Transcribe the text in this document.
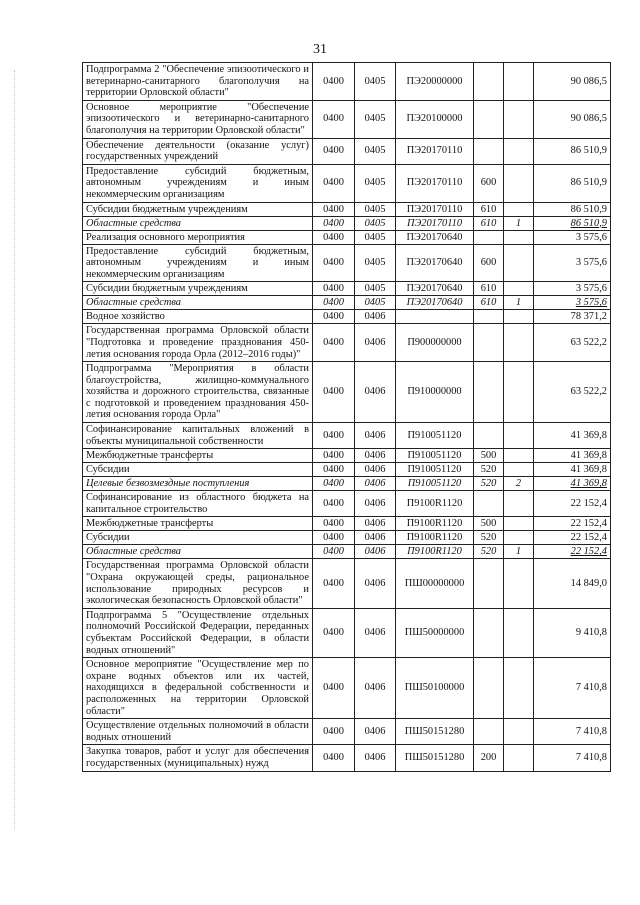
31
Подпрограмма 2 "Обеспечение эпизоотического и ветеринарно-санитарного благополучия на территории Орловской области"	0400	0405	ПЭ20000000			90 086,5
Основное мероприятие "Обеспечение эпизоотического и ветеринарно-санитарного благополучия на территории Орловской области"	0400	0405	ПЭ20100000			90 086,5
Обеспечение деятельности (оказание услуг) государственных учреждений	0400	0405	ПЭ20170110			86 510,9
Предоставление субсидий бюджетным, автономным учреждениям и иным некоммерческим организациям	0400	0405	ПЭ20170110	600		86 510,9
Субсидии бюджетным учреждениям	0400	0405	ПЭ20170110	610		86 510,9
Областные средства	0400	0405	ПЭ20170110	610	1	86 510,9
Реализация основного мероприятия	0400	0405	ПЭ20170640			3 575,6
Предоставление субсидий бюджетным, автономным учреждениям и иным некоммерческим организациям	0400	0405	ПЭ20170640	600		3 575,6
Субсидии бюджетным учреждениям	0400	0405	ПЭ20170640	610		3 575,6
Областные средства	0400	0405	ПЭ20170640	610	1	3 575,6
Водное хозяйство	0400	0406				78 371,2
Государственная программа Орловской области "Подготовка и проведение празднования 450-летия основания города Орла (2012–2016 годы)"	0400	0406	П900000000			63 522,2
Подпрограмма "Мероприятия в области благоустройства, жилищно-коммунального хозяйства и дорожного строительства, связанные с подготовкой и проведением празднования 450-летия основания города Орла"	0400	0406	П910000000			63 522,2
Софинансирование капитальных вложений в объекты муниципальной собственности	0400	0406	П910051120			41 369,8
Межбюджетные трансферты	0400	0406	П910051120	500		41 369,8
Субсидии	0400	0406	П910051120	520		41 369,8
Целевые безвозмездные поступления	0400	0406	П910051120	520	2	41 369,8
Софинансирование из областного бюджета на капитальное строительство	0400	0406	П9100R1120			22 152,4
Межбюджетные трансферты	0400	0406	П9100R1120	500		22 152,4
Субсидии	0400	0406	П9100R1120	520		22 152,4
Областные средства	0400	0406	П9100R1120	520	1	22 152,4
Государственная программа Орловской области "Охрана окружающей среды, рациональное использование природных ресурсов и экологическая безопасность Орловской области"	0400	0406	ПШ00000000			14 849,0
Подпрограмма 5 "Осуществление отдельных полномочий Российской Федерации, переданных субъектам Российской Федерации, в области водных отношений"	0400	0406	ПШ50000000			9 410,8
Основное мероприятие "Осуществление мер по охране водных объектов или их частей, находящихся в федеральной собственности и расположенных на территории Орловской области"	0400	0406	ПШ50100000			7 410,8
Осуществление отдельных полномочий в области водных отношений	0400	0406	ПШ50151280			7 410,8
Закупка товаров, работ и услуг для обеспечения государственных (муниципальных) нужд	0400	0406	ПШ50151280	200		7 410,8
